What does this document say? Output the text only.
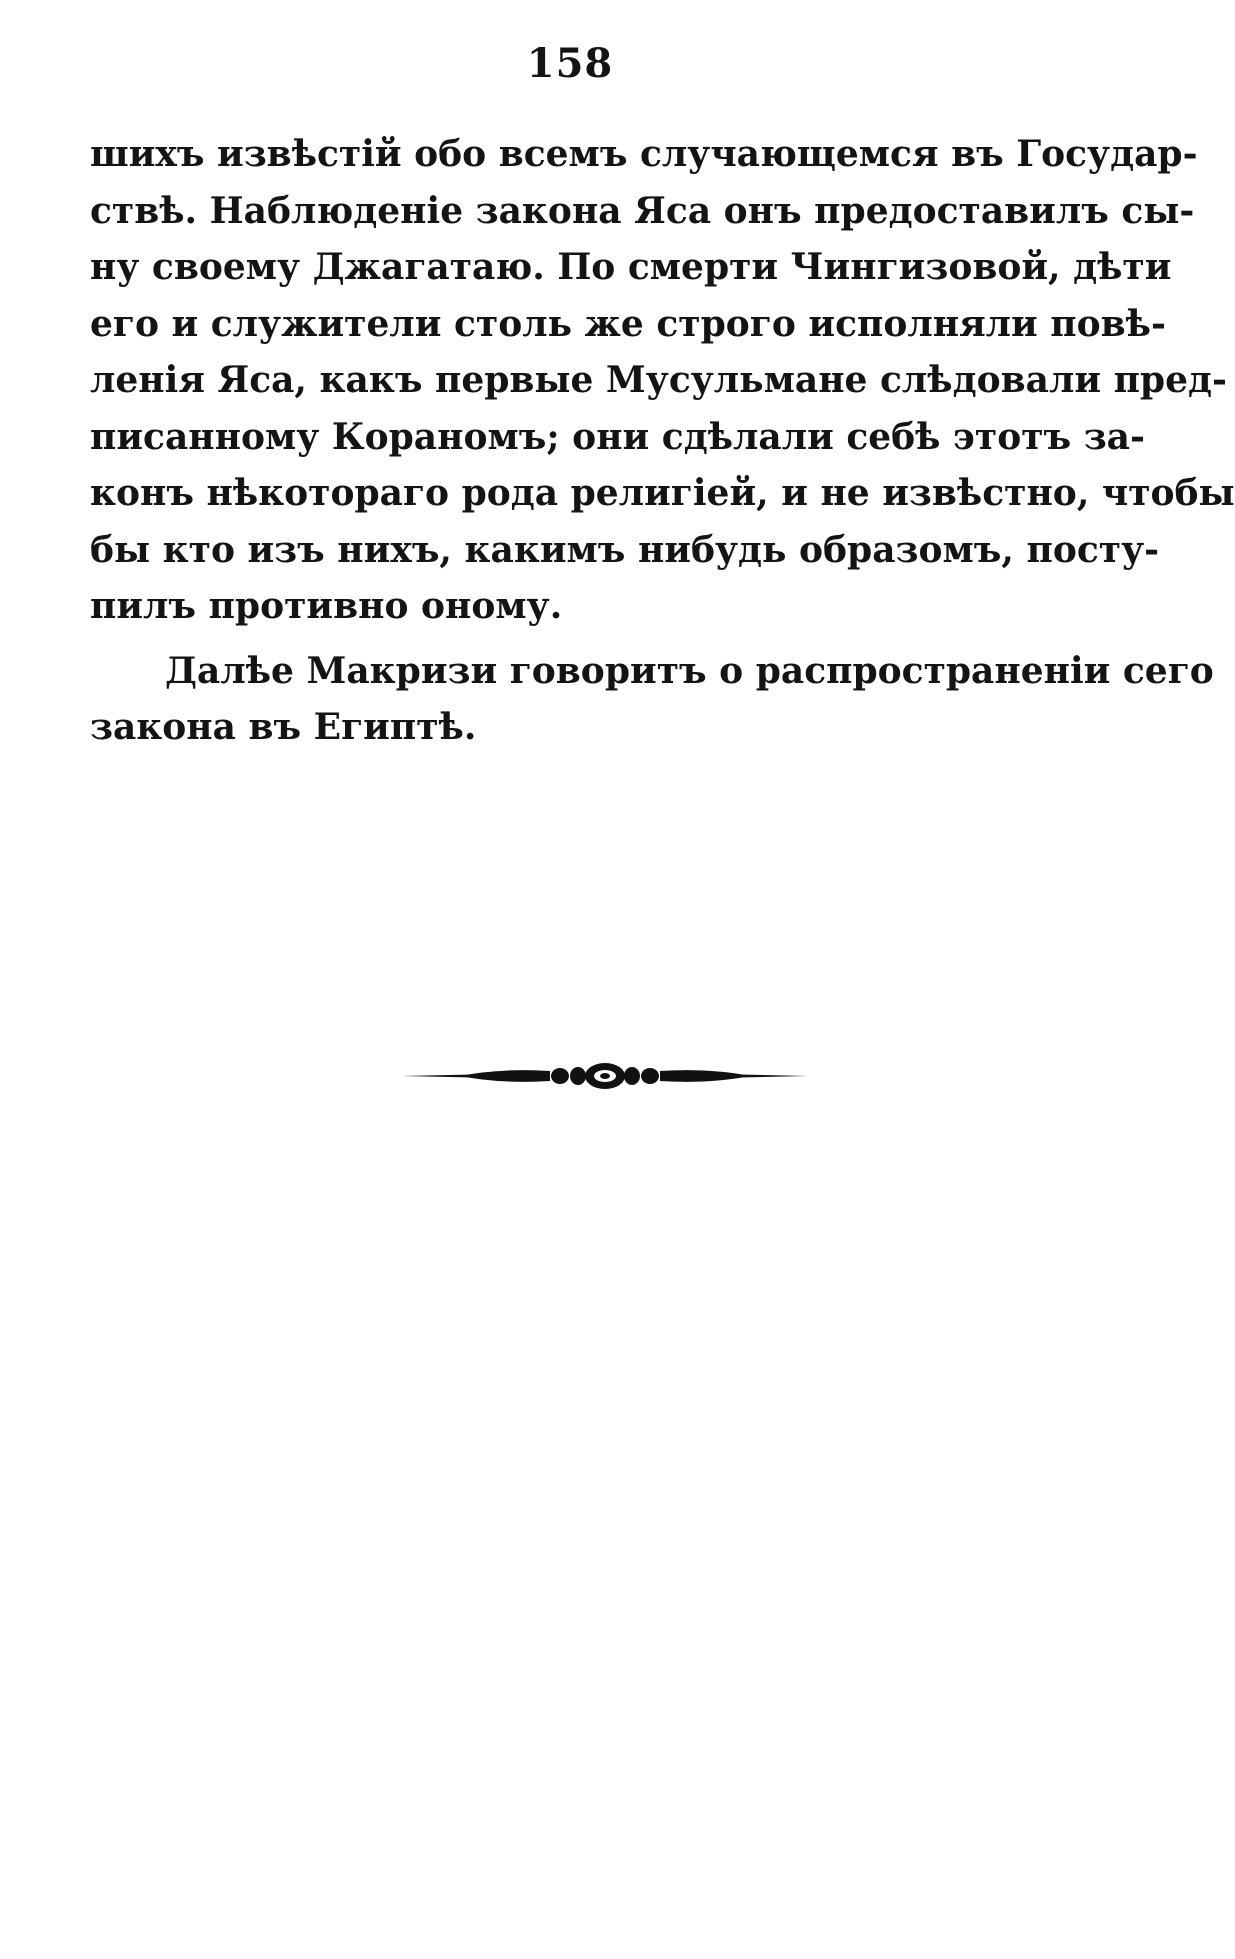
158
шихъ извѣстій обо всемъ случающемся въ Государ-
ствѣ. Наблюденіе закона Яса онъ предоставилъ сы-
ну своему Джагатаю. По смерти Чингизовой, дѣти
его и служители столь же строго исполняли повѣ-
ленія Яса, какъ первые Мусульмане слѣдовали пред-
писанному Кораномъ; они сдѣлали себѣ этотъ за-
конъ нѣкотораго рода религіей, и не извѣстно, чтобы
бы кто изъ нихъ, какимъ нибудь образомъ, посту-
пилъ противно оному.
Далѣе Макризи говоритъ о распространеніи сего
закона въ Египтѣ.
